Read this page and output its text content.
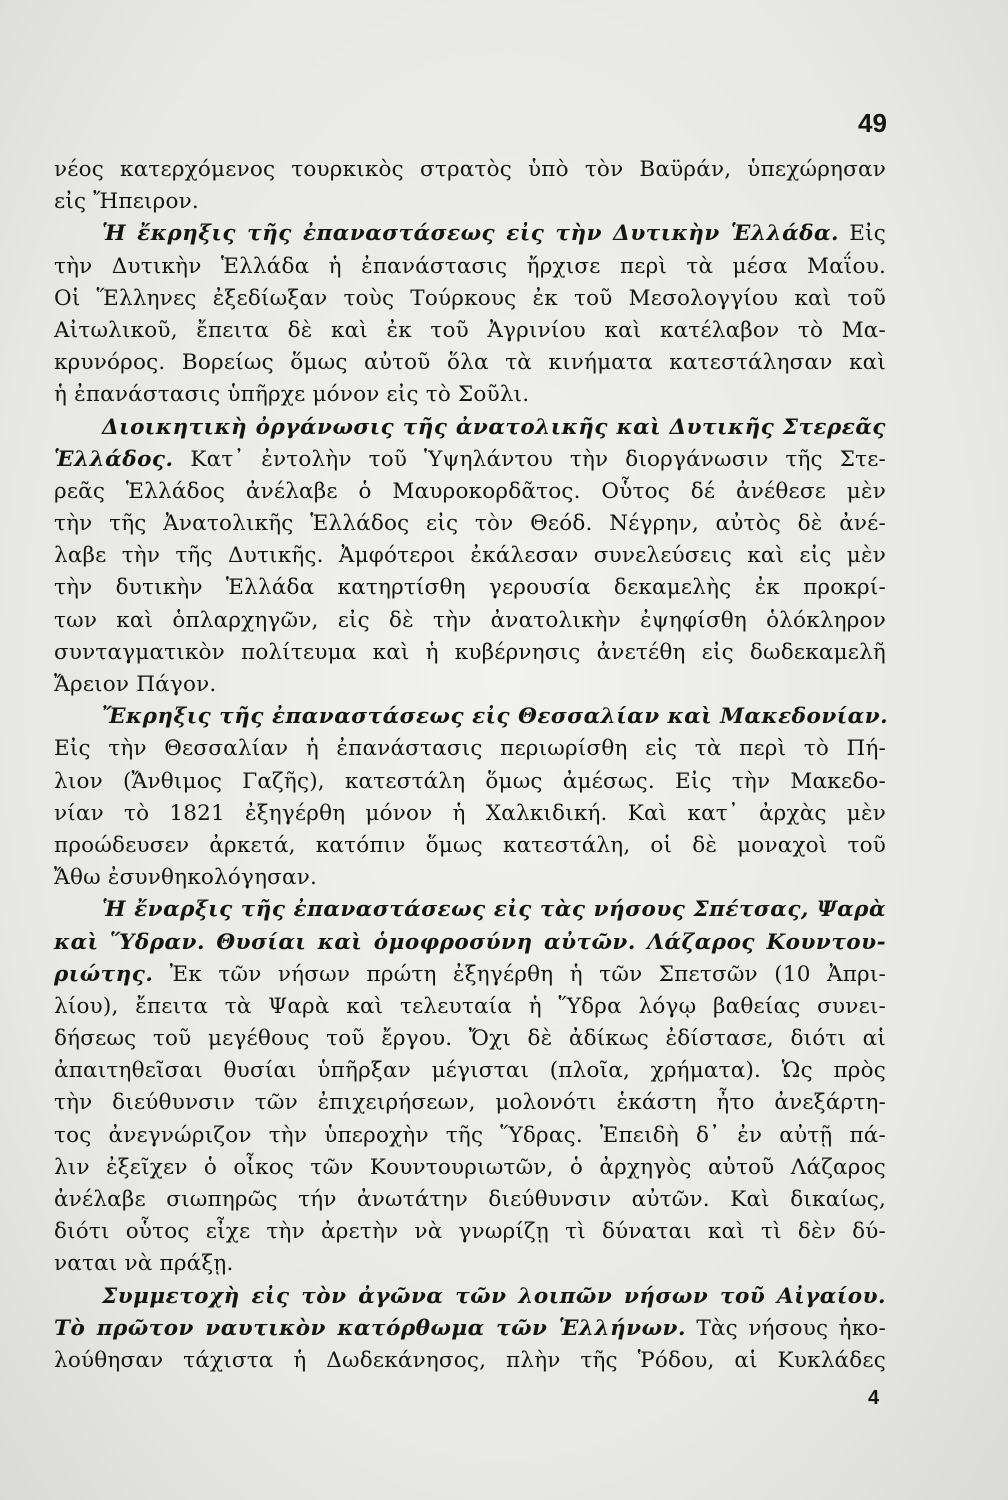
49
νέος κατερχόμενος τουρκικὸς στρατὸς ὑπὸ τὸν Βαϋράν, ὑπεχώρησαν
εἰς Ἤπειρον.
Ἡ ἔκρηξις τῆς ἐπαναστάσεως εἰς τὴν Δυτικὴν Ἑλλάδα. Εἰς
τὴν Δυτικὴν Ἑλλάδα ἡ ἐπανάστασις ἤρχισε περὶ τὰ μέσα Μαΐου.
Οἱ Ἕλληνες ἐξεδίωξαν τοὺς Τούρκους ἐκ τοῦ Μεσολογγίου καὶ τοῦ
Αἰτωλικοῦ, ἔπειτα δὲ καὶ ἐκ τοῦ Ἀγρινίου καὶ κατέλαβον τὸ Μα-
κρυνόρος. Βορείως ὅμως αὐτοῦ ὅλα τὰ κινήματα κατεστάλησαν καὶ
ἡ ἐπανάστασις ὑπῆρχε μόνον εἰς τὸ Σοῦλι.
Διοικητικὴ ὀργάνωσις τῆς ἀνατολικῆς καὶ Δυτικῆς Στερεᾶς
Ἑλλάδος. Κατ᾽ ἐντολὴν τοῦ Ὑψηλάντου τὴν διοργάνωσιν τῆς Στε-
ρεᾶς Ἑλλάδος ἀνέλαβε ὁ Μαυροκορδᾶτος. Οὗτος δέ ἀνέθεσε μὲν
τὴν τῆς Ἀνατολικῆς Ἑλλάδος εἰς τὸν Θεόδ. Νέγρην, αὐτὸς δὲ ἀνέ-
λαβε τὴν τῆς Δυτικῆς. Ἀμφότεροι ἐκάλεσαν συνελεύσεις καὶ εἰς μὲν
τὴν δυτικὴν Ἑλλάδα κατηρτίσθη γερουσία δεκαμελὴς ἐκ προκρί-
των καὶ ὁπλαρχηγῶν, εἰς δὲ τὴν ἀνατολικὴν ἐψηφίσθη ὁλόκληρον
συνταγματικὸν πολίτευμα καὶ ἡ κυβέρνησις ἀνετέθη εἰς δωδεκαμελῆ
Ἄρειον Πάγον.
Ἔκρηξις τῆς ἐπαναστάσεως εἰς Θεσσαλίαν καὶ Μακεδονίαν.
Εἰς τὴν Θεσσαλίαν ἡ ἐπανάστασις περιωρίσθη εἰς τὰ περὶ τὸ Πή-
λιον (Ἄνθιμος Γαζῆς), κατεστάλη ὅμως ἀμέσως. Εἰς τὴν Μακεδο-
νίαν τὸ 1821 ἐξηγέρθη μόνον ἡ Χαλκιδική. Καὶ κατ᾽ ἀρχὰς μὲν
προώδευσεν ἀρκετά, κατόπιν ὅμως κατεστάλη, οἱ δὲ μοναχοὶ τοῦ
Ἄθω ἐσυνθηκολόγησαν.
Ἡ ἔναρξις τῆς ἐπαναστάσεως εἰς τὰς νήσους Σπέτσας, Ψαρὰ
καὶ Ὕδραν. Θυσίαι καὶ ὁμοφροσύνη αὐτῶν. Λάζαρος Κουντου-
ριώτης. Ἐκ τῶν νήσων πρώτη ἐξηγέρθη ἡ τῶν Σπετσῶν (10 Ἀπρι-
λίου), ἔπειτα τὰ Ψαρὰ καὶ τελευταία ἡ Ὕδρα λόγῳ βαθείας συνει-
δήσεως τοῦ μεγέθους τοῦ ἔργου. Ὄχι δὲ ἀδίκως ἐδίστασε, διότι αἱ
ἀπαιτηθεῖσαι θυσίαι ὑπῆρξαν μέγισται (πλοῖα, χρήματα). Ὡς πρὸς
τὴν διεύθυνσιν τῶν ἐπιχειρήσεων, μολονότι ἑκάστη ἦτο ἀνεξάρτη-
τος ἀνεγνώριζον τὴν ὑπεροχὴν τῆς Ὕδρας. Ἐπειδὴ δ᾽ ἐν αὐτῇ πά-
λιν ἐξεῖχεν ὁ οἶκος τῶν Κουντουριωτῶν, ὁ ἀρχηγὸς αὐτοῦ Λάζαρος
ἀνέλαβε σιωπηρῶς τήν ἀνωτάτην διεύθυνσιν αὐτῶν. Καὶ δικαίως,
διότι οὗτος εἶχε τὴν ἀρετὴν νὰ γνωρίζῃ τὶ δύναται καὶ τὶ δὲν δύ-
ναται νὰ πράξῃ.
Συμμετοχὴ εἰς τὸν ἀγῶνα τῶν λοιπῶν νήσων τοῦ Αἰγαίου.
Τὸ πρῶτον ναυτικὸν κατόρθωμα τῶν Ἑλλήνων. Τὰς νήσους ἠκο-
λούθησαν τάχιστα ἡ Δωδεκάνησος, πλὴν τῆς Ῥόδου, αἱ Κυκλάδες
4
